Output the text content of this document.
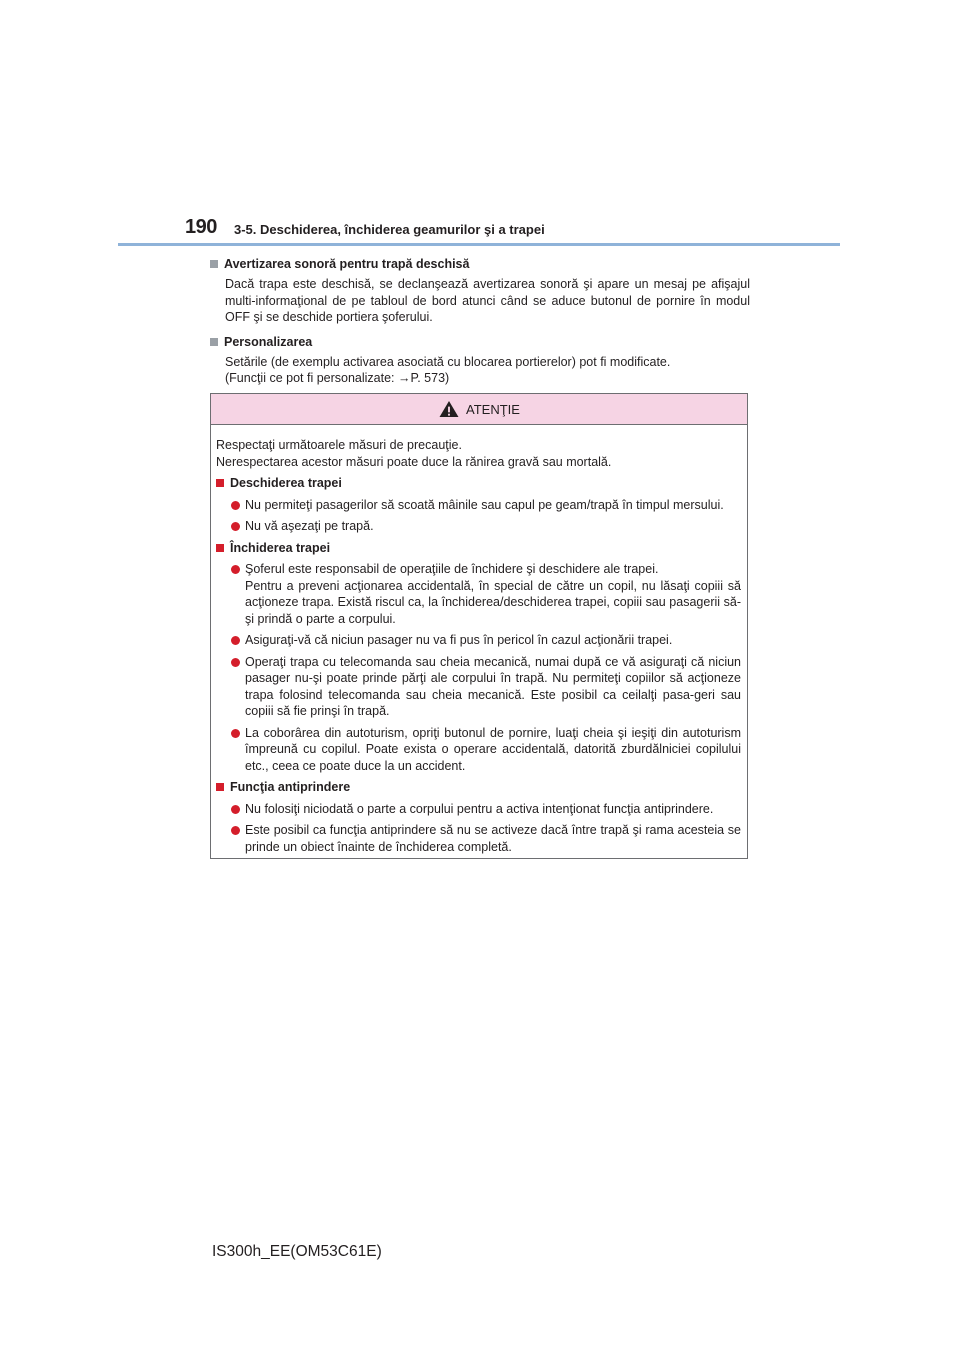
190 3-5. Deschiderea, închiderea geamurilor şi a trapei
Avertizarea sonoră pentru trapă deschisă
Dacă trapa este deschisă, se declanşează avertizarea sonoră şi apare un mesaj pe afişajul multi-informaţional de pe tabloul de bord atunci când se aduce butonul de pornire în modul OFF şi se deschide portiera şoferului.
Personalizarea
Setările (de exemplu activarea asociată cu blocarea portierelor) pot fi modificate.
(Funcţii ce pot fi personalizate: →P. 573)
ATENŢIE
Respectaţi următoarele măsuri de precauţie.
Nerespectarea acestor măsuri poate duce la rănirea gravă sau mortală.
Deschiderea trapei
Nu permiteţi pasagerilor să scoată mâinile sau capul pe geam/trapă în timpul mersului.
Nu vă aşezaţi pe trapă.
Închiderea trapei
Şoferul este responsabil de operaţiile de închidere şi deschidere ale trapei.
Pentru a preveni acţionarea accidentală, în special de către un copil, nu lăsaţi copiii să acţioneze trapa. Există riscul ca, la închiderea/deschiderea trapei, copiii sau pasagerii să-şi prindă o parte a corpului.
Asiguraţi-vă că niciun pasager nu va fi pus în pericol în cazul acţionării trapei.
Operaţi trapa cu telecomanda sau cheia mecanică, numai după ce vă asiguraţi că niciun pasager nu-şi poate prinde părţi ale corpului în trapă. Nu permiteţi copiilor să acţioneze trapa folosind telecomanda sau cheia mecanică. Este posibil ca ceilalţi pasa-geri sau copiii să fie prinşi în trapă.
La coborârea din autoturism, opriţi butonul de pornire, luaţi cheia şi ieşiţi din autoturism împreună cu copilul. Poate exista o operare accidentală, datorită zburdălniciei copilului etc., ceea ce poate duce la un accident.
Funcţia antiprindere
Nu folosiţi niciodată o parte a corpului pentru a activa intenţionat funcţia antiprindere.
Este posibil ca funcţia antiprindere să nu se activeze dacă între trapă şi rama acesteia se prinde un obiect înainte de închiderea completă.
IS300h_EE(OM53C61E)
